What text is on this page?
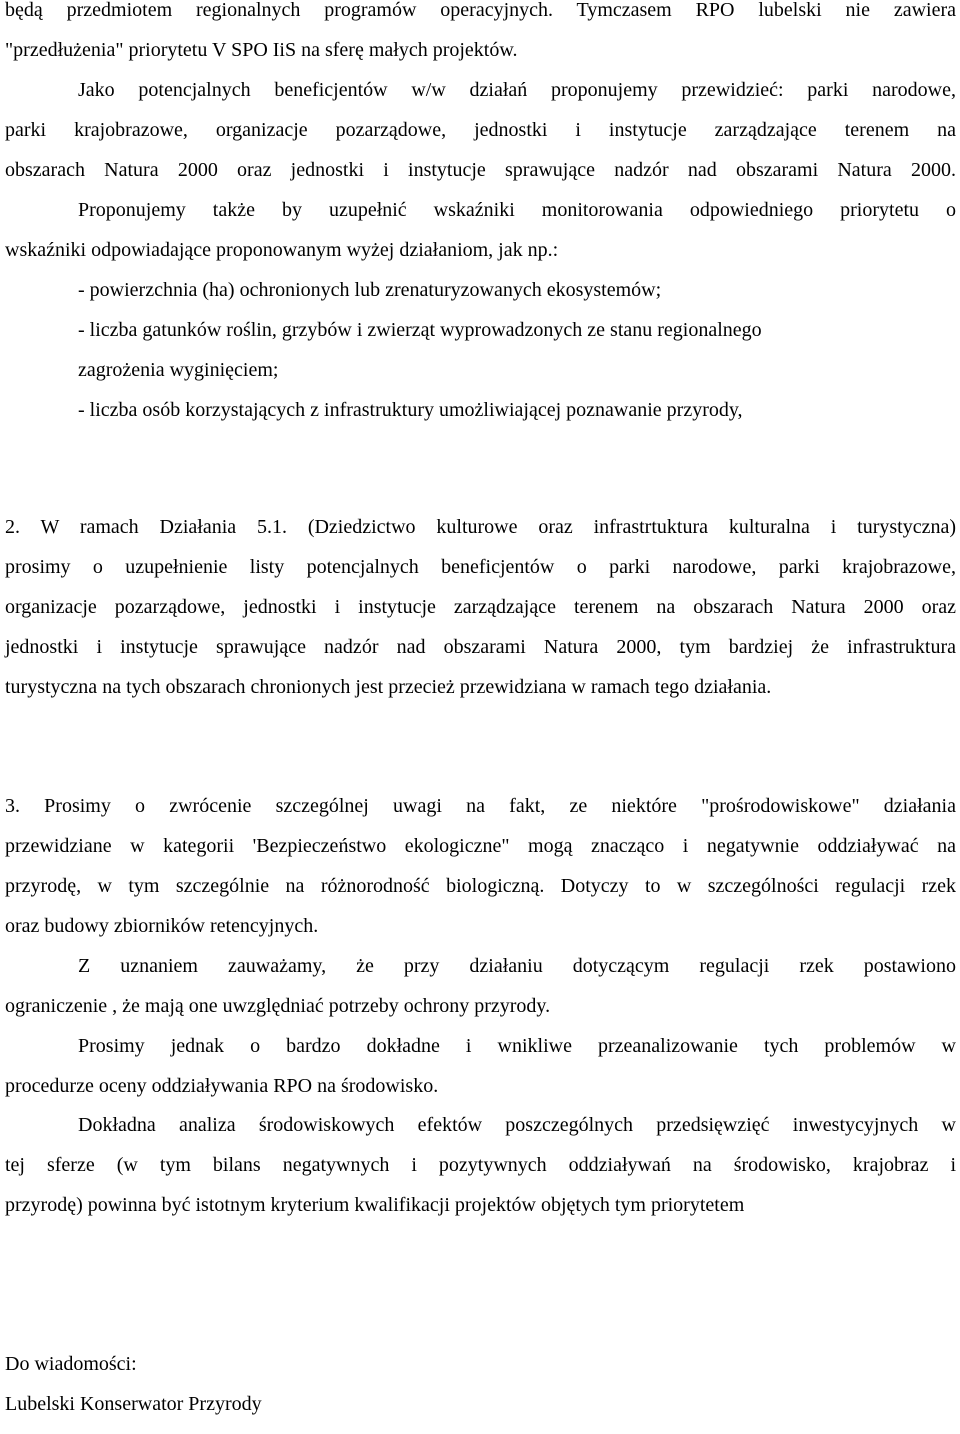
będą przedmiotem regionalnych programów operacyjnych. Tymczasem RPO lubelski nie zawiera
"przedłużenia" priorytetu V SPO IiS na sferę małych projektów.
Jako potencjalnych beneficjentów w/w działań proponujemy przewidzieć: parki narodowe,
parki krajobrazowe, organizacje pozarządowe, jednostki i instytucje zarządzające terenem na
obszarach Natura 2000 oraz jednostki i instytucje sprawujące nadzór nad obszarami Natura 2000.
Proponujemy także by uzupełnić wskaźniki monitorowania odpowiedniego priorytetu o
wskaźniki odpowiadające proponowanym wyżej działaniom, jak np.:
- powierzchnia (ha) ochronionych lub zrenaturyzowanych ekosystemów;
- liczba gatunków roślin, grzybów i zwierząt wyprowadzonych ze stanu regionalnego
zagrożenia wyginięciem;
- liczba osób korzystających z infrastruktury umożliwiającej poznawanie przyrody,
2. W ramach Działania 5.1. (Dziedzictwo kulturowe oraz infrastrtuktura kulturalna i turystyczna)
prosimy o uzupełnienie listy potencjalnych beneficjentów o parki narodowe, parki krajobrazowe,
organizacje pozarządowe, jednostki i instytucje zarządzające terenem na obszarach Natura 2000 oraz
jednostki i instytucje sprawujące nadzór nad obszarami Natura 2000, tym bardziej że infrastruktura
turystyczna na tych obszarach chronionych jest przecież przewidziana w ramach tego działania.
3. Prosimy o zwrócenie szczególnej uwagi na fakt, ze niektóre "prośrodowiskowe" działania
przewidziane w kategorii 'Bezpieczeństwo ekologiczne" mogą znacząco i negatywnie oddziaływać na
przyrodę, w tym szczególnie na różnorodność biologiczną. Dotyczy to w szczególności regulacji rzek
oraz budowy zbiorników retencyjnych.
Z uznaniem zauważamy, że przy działaniu dotyczącym regulacji rzek postawiono
ograniczenie , że mają one uwzględniać potrzeby ochrony przyrody.
Prosimy jednak o bardzo dokładne i wnikliwe przeanalizowanie tych problemów w
procedurze oceny oddziaływania RPO na środowisko.
Dokładna analiza środowiskowych efektów poszczególnych przedsięwzięć inwestycyjnych w
tej sferze (w tym bilans negatywnych i pozytywnych oddziaływań na środowisko, krajobraz i
przyrodę) powinna być istotnym kryterium kwalifikacji projektów objętych tym priorytetem
Do wiadomości:
Lubelski Konserwator Przyrody
